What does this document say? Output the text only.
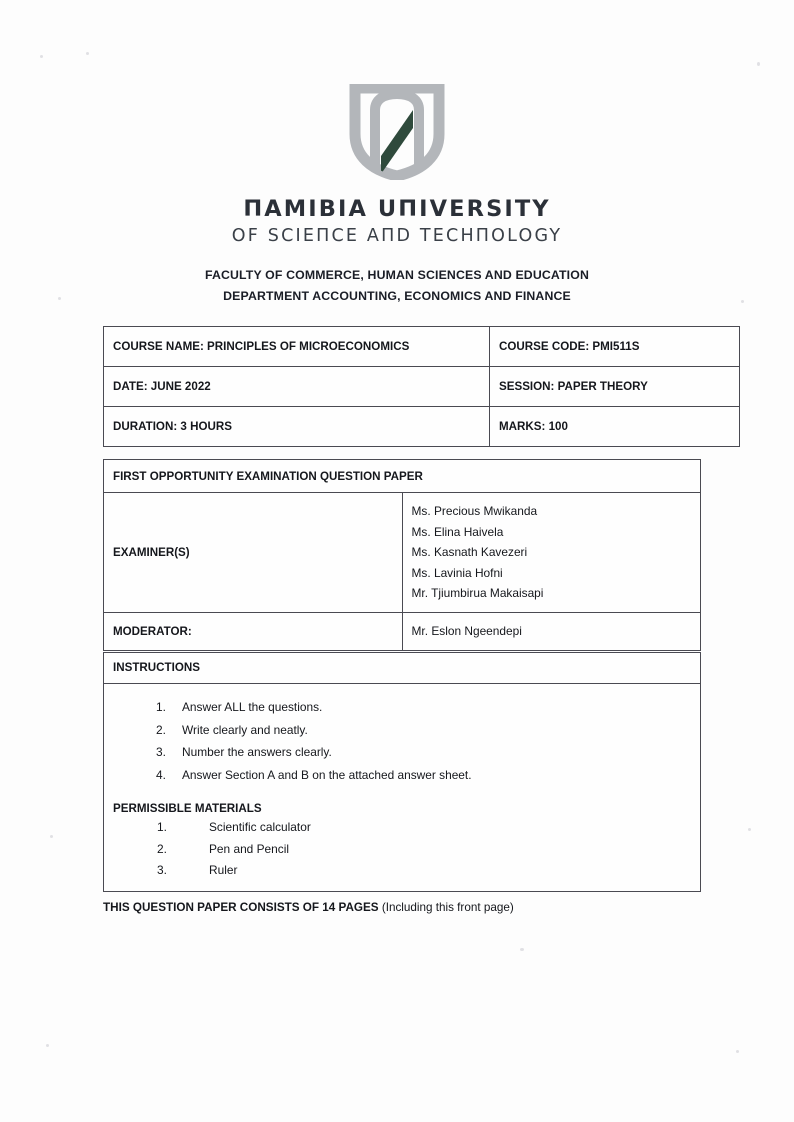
ΠAMIBIA UΠIVERSITY
OF SCIEΠCE AΠD TECHΠOLOGY
FACULTY OF COMMERCE, HUMAN SCIENCES AND EDUCATION
DEPARTMENT ACCOUNTING, ECONOMICS AND FINANCE
COURSE NAME: PRINCIPLES OF MICROECONOMICS	COURSE CODE: PMI511S
DATE: JUNE 2022	SESSION: PAPER THEORY
DURATION: 3 HOURS	MARKS: 100
FIRST OPPORTUNITY EXAMINATION QUESTION PAPER	
EXAMINER(S)	Ms. Precious Mwikanda
Ms. Elina Haivela
Ms. Kasnath Kavezeri
Ms. Lavinia Hofni
Mr. Tjiumbirua Makaisapi

MODERATOR:	Mr. Eslon Ngeendepi
INSTRUCTIONS
1.	Answer ALL the questions.
2.	Write clearly and neatly.
3.	Number the answers clearly.
4.	Answer Section A and B on the attached answer sheet.
PERMISSIBLE MATERIALS
1.	Scientific calculator
2.	Pen and Pencil
3.	Ruler
THIS QUESTION PAPER CONSISTS OF 14 PAGES (Including this front page)
